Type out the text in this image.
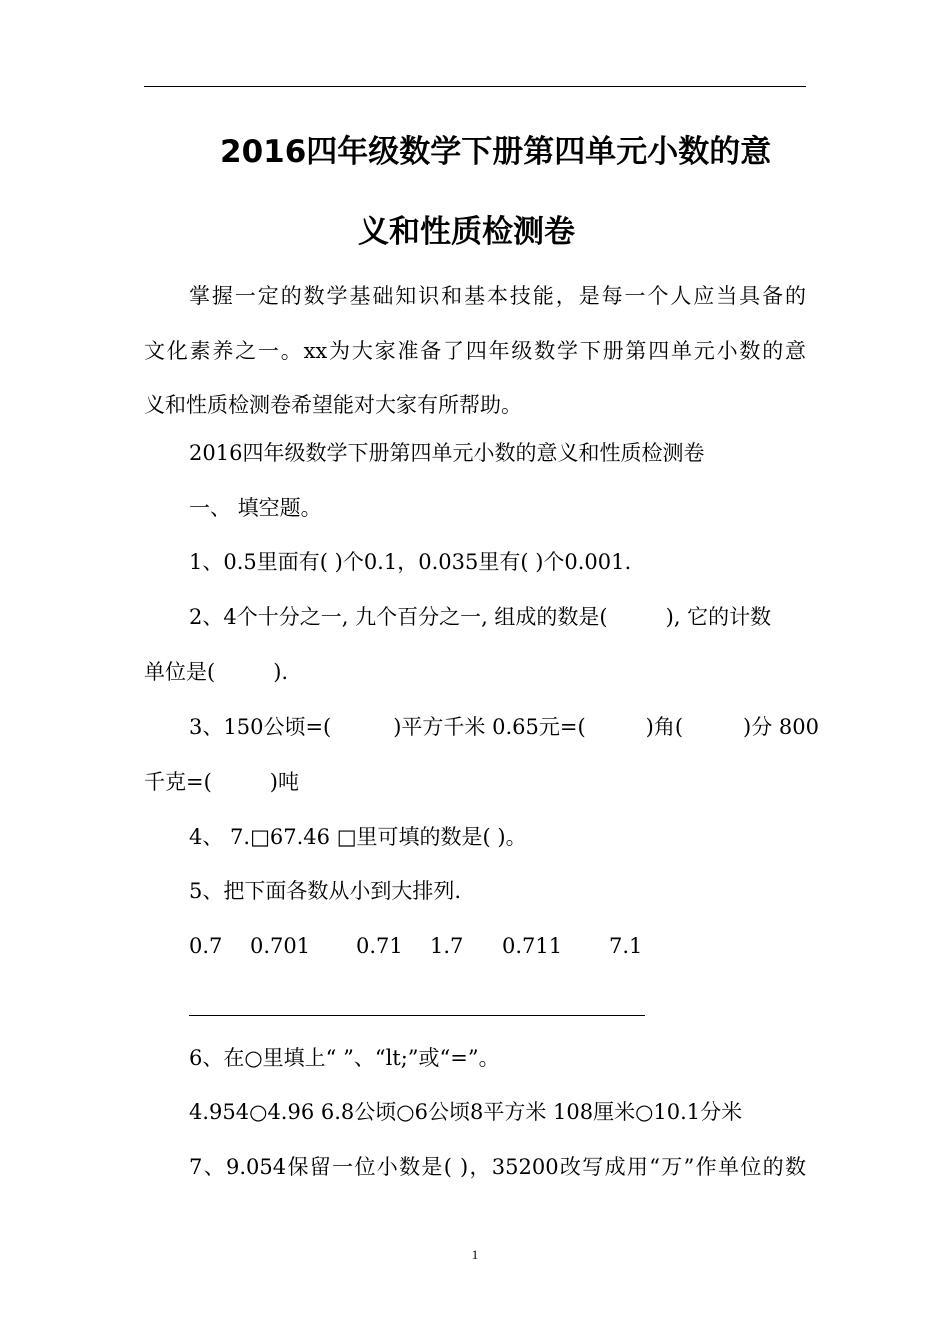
2016四年级数学下册第四单元小数的意
义和性质检测卷
掌握一定的数学基础知识和基本技能，是每一个人应当具备的
文化素养之一。xx为大家准备了四年级数学下册第四单元小数的意
义和性质检测卷希望能对大家有所帮助。
2016四年级数学下册第四单元小数的意义和性质检测卷
一、 填空题。
1、0.5里面有( )个0.1，0.035里有( )个0.001.
2、4个十分之一, 九个百分之一, 组成的数是(	), 它的计数
单位是(	).
3、150公顷=(	)平方千米 0.65元=(	)角(	)分 800
千克=(	)吨
4、 7.□67.46 □里可填的数是( )。
5、把下面各数从小到大排列.
0.7 0.701 0.71 1.7 0.711 7.1
6、在○里填上“ ”、“lt;”或“=”。
4.954○4.96 6.8公顷○6公顷8平方米 108厘米○10.1分米
7、9.054保留一位小数是( )，35200改写成用“万”作单位的数
1
